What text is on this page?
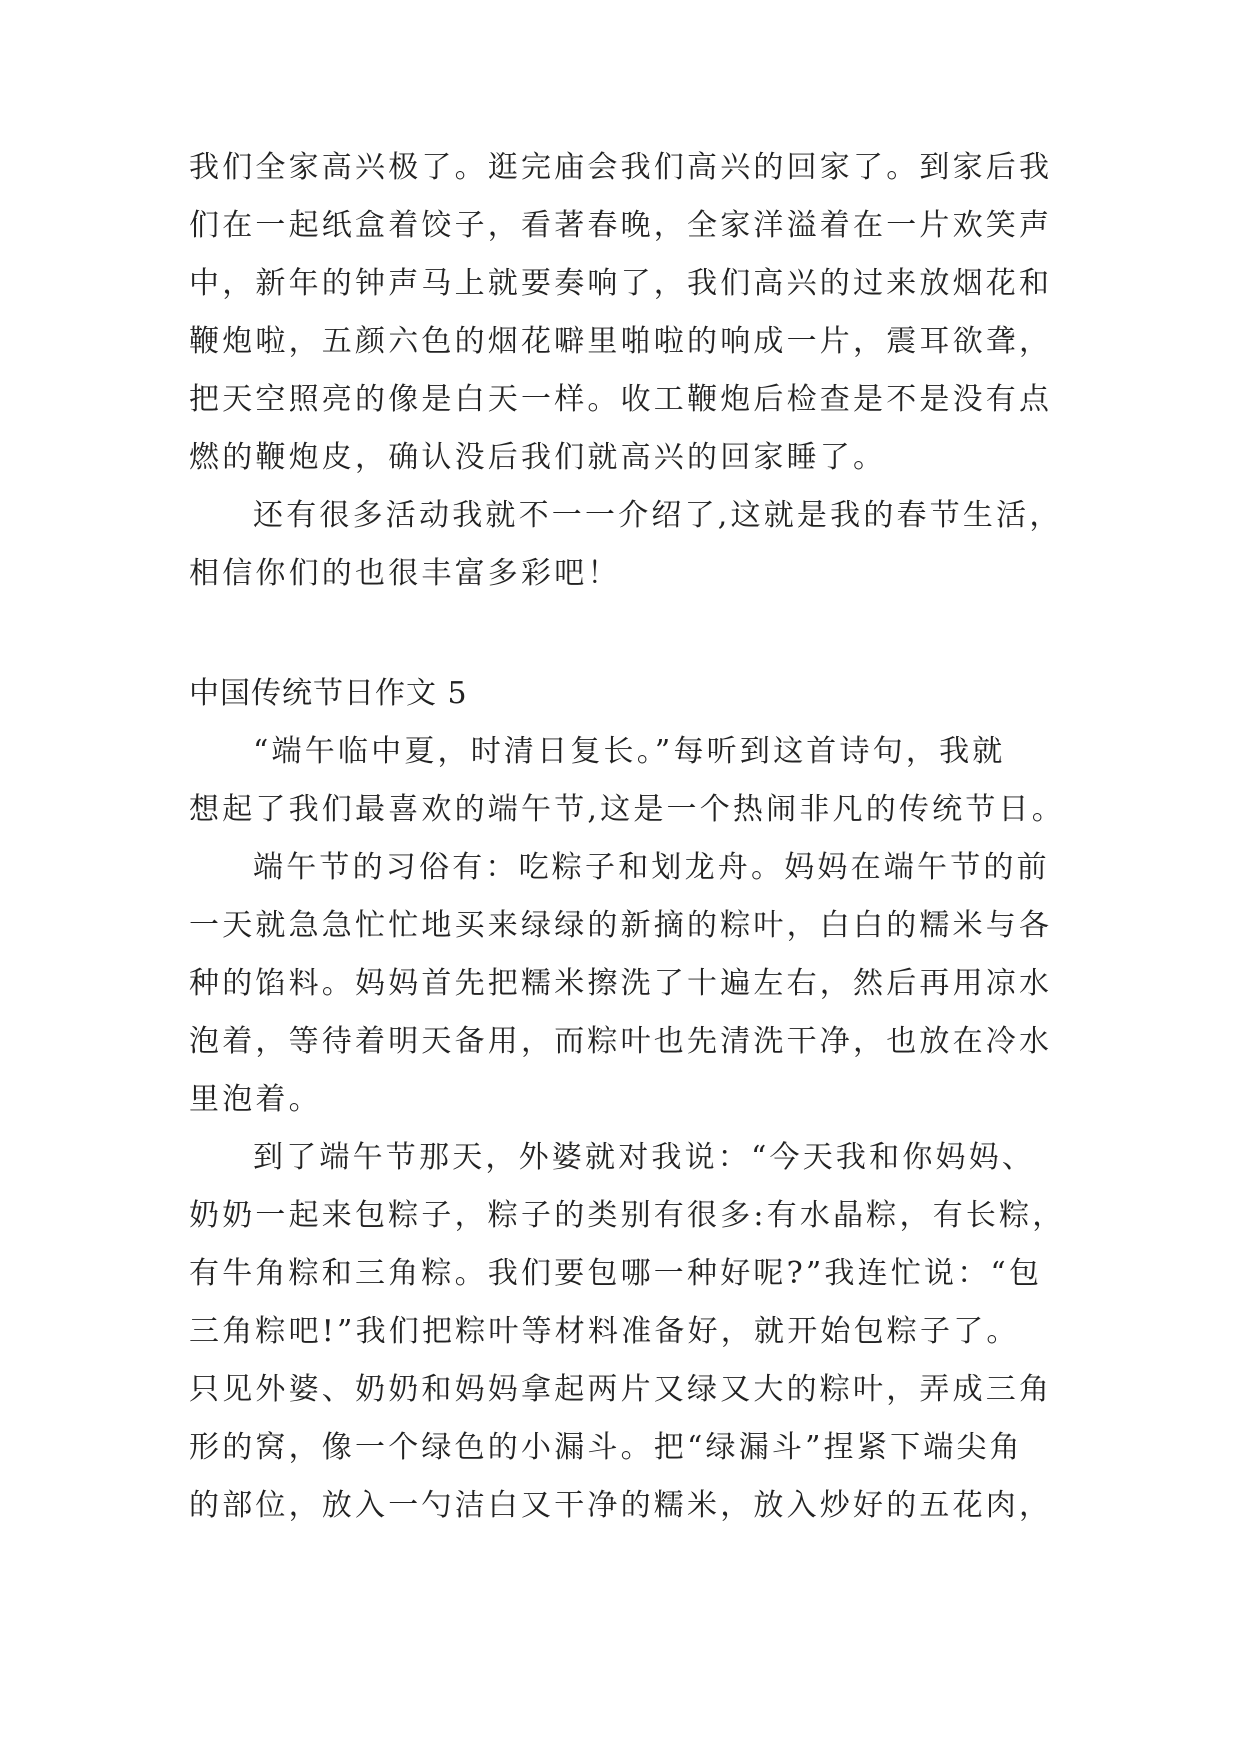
我们全家高兴极了。逛完庙会我们高兴的回家了。到家后我
们在一起纸盒着饺子，看著春晚，全家洋溢着在一片欢笑声
中，新年的钟声马上就要奏响了，我们高兴的过来放烟花和
鞭炮啦，五颜六色的烟花噼里啪啦的响成一片，震耳欲聋，
把天空照亮的像是白天一样。收工鞭炮后检查是不是没有点
燃的鞭炮皮，确认没后我们就高兴的回家睡了。
还有很多活动我就不一一介绍了,这就是我的春节生活，
相信你们的也很丰富多彩吧！
中国传统节日作文 5
“端午临中夏，时清日复长。”每听到这首诗句，我就
想起了我们最喜欢的端午节,这是一个热闹非凡的传统节日。
端午节的习俗有：吃粽子和划龙舟。妈妈在端午节的前
一天就急急忙忙地买来绿绿的新摘的粽叶，白白的糯米与各
种的馅料。妈妈首先把糯米擦洗了十遍左右，然后再用凉水
泡着，等待着明天备用，而粽叶也先清洗干净，也放在冷水
里泡着。
到了端午节那天，外婆就对我说：“今天我和你妈妈、
奶奶一起来包粽子，粽子的类别有很多:有水晶粽，有长粽，
有牛角粽和三角粽。我们要包哪一种好呢?”我连忙说：“包
三角粽吧!”我们把粽叶等材料准备好，就开始包粽子了。
只见外婆、奶奶和妈妈拿起两片又绿又大的粽叶，弄成三角
形的窝，像一个绿色的小漏斗。把“绿漏斗”捏紧下端尖角
的部位，放入一勺洁白又干净的糯米，放入炒好的五花肉，
